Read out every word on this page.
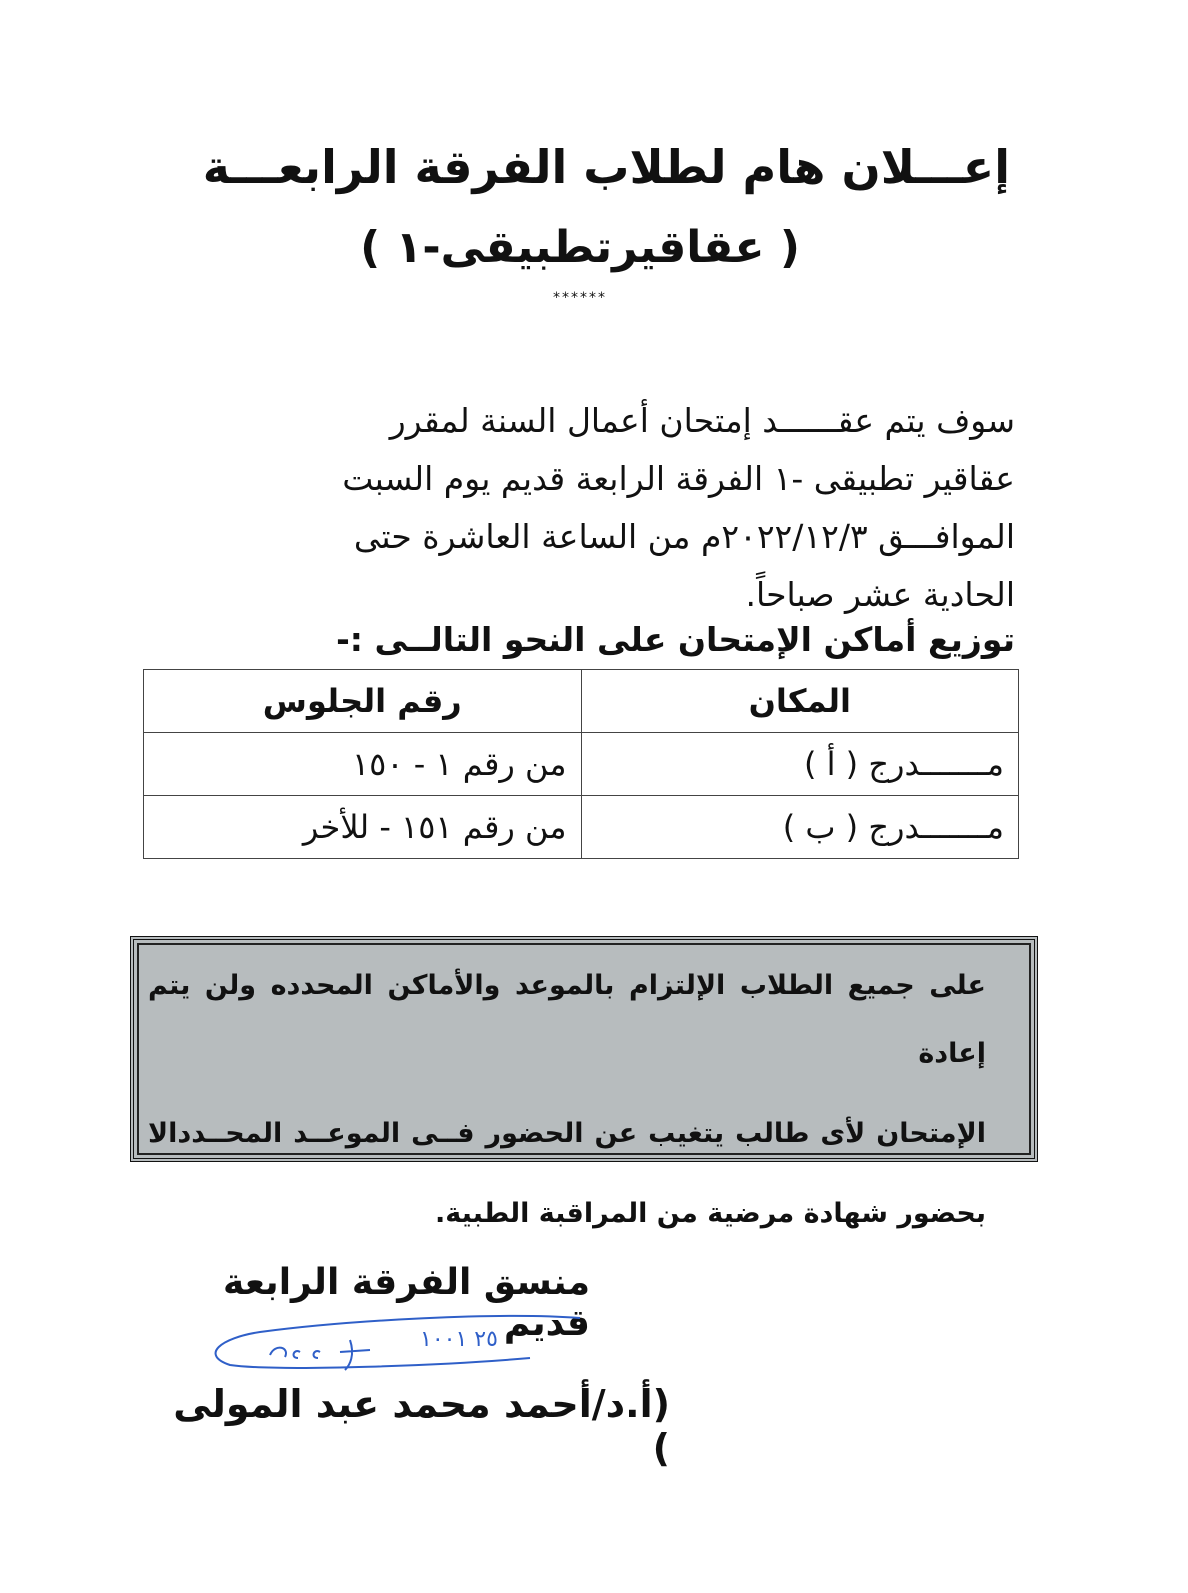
إعـــلان هام لطلاب الفرقة الرابعـــة
( عقاقيرتطبيقى-١ )
******

سوف يتم عقــــــد إمتحان أعمال السنة لمقرر

عقاقير تطبيقى -١ الفرقة الرابعة قديم يوم السبت

الموافـــق ٢٠٢٢/١٢/٣م من الساعة العاشرة حتى

الحادية عشر صباحاً.

توزيع أماكن الإمتحان على النحو التالــى :-
المكان	رقم الجلوس
مـــــــدرج ( أ )	من رقم ١ - ١٥٠
مـــــــدرج ( ب )	من رقم ١٥١ - للأخر

على جميع الطلاب الإلتزام بالموعد والأماكن المحدده ولن يتم إعادة

الإمتحان لأى طالب يتغيب عن الحضور فــى الموعــد المحــددالا

بحضور شهادة مرضية من المراقبة الطبية.

منسق الفرقة الرابعة قديم
٢٥ ١٠٠١
(أ.د/أحمد محمد عبد المولى )
